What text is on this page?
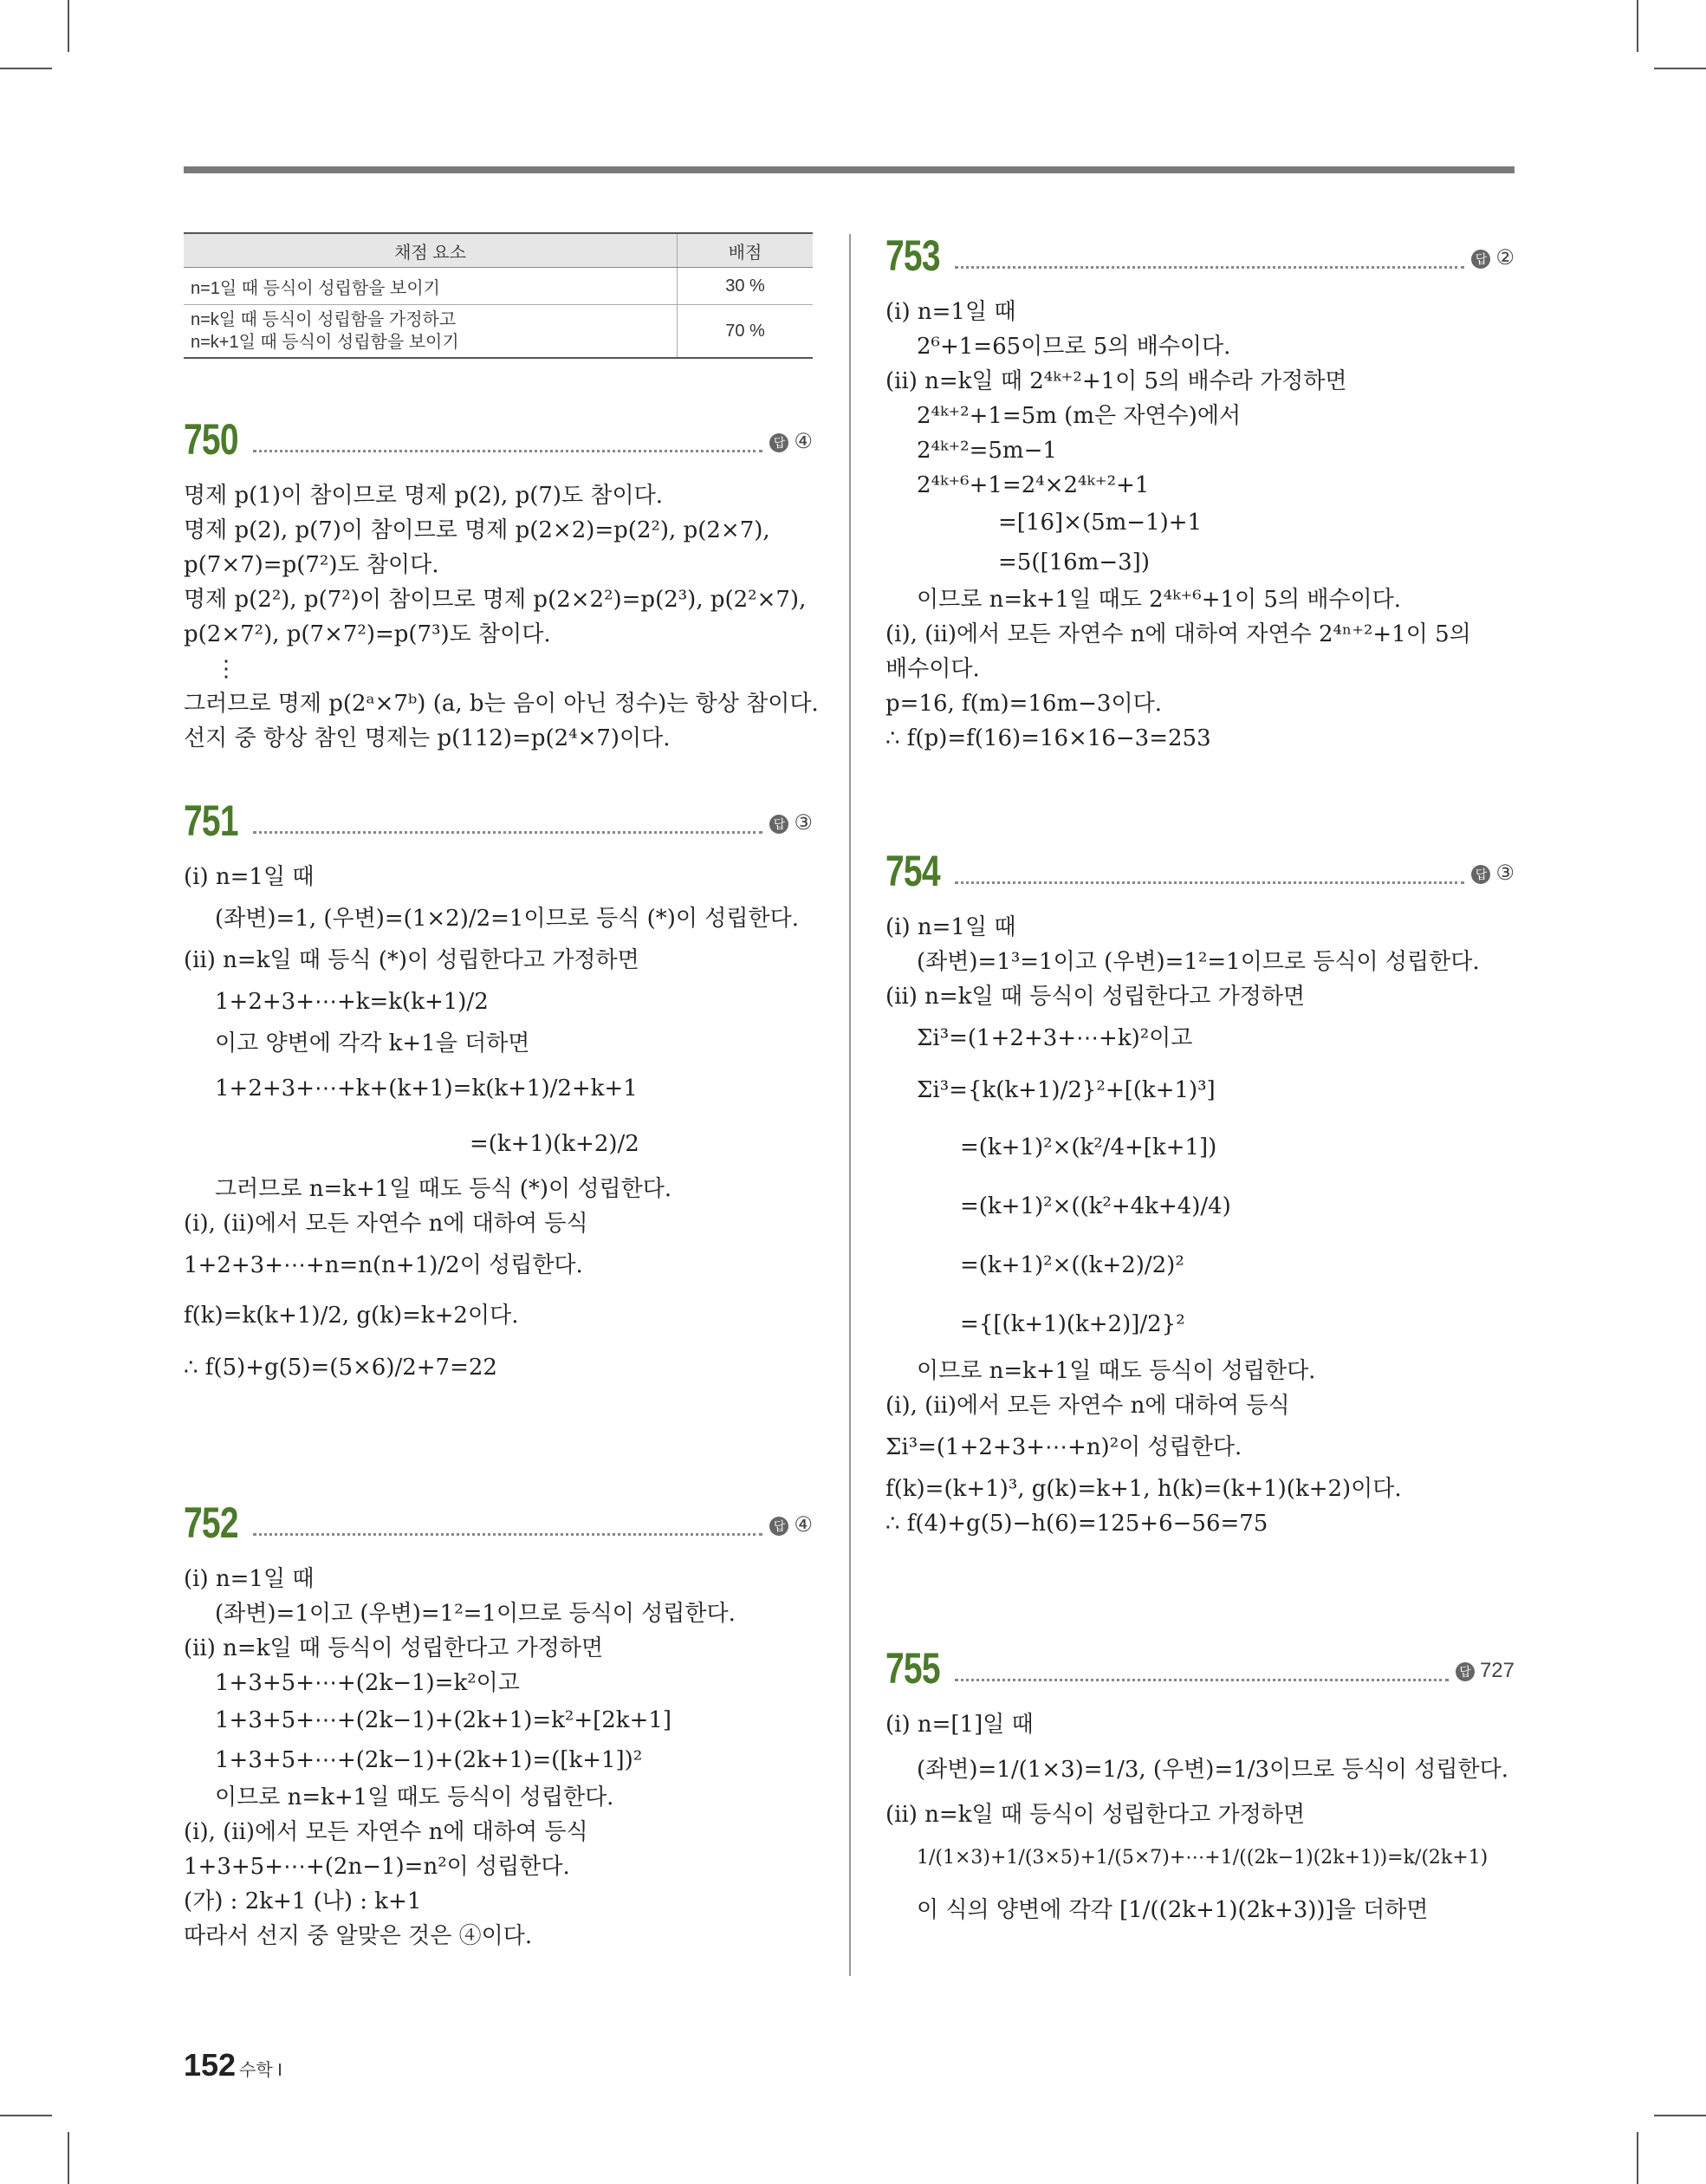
채점 요소	배점
n=1일 때 등식이 성립함을 보이기	30 %

n=k일 때 등식이 성립함을 가정하고
n=k+1일 때 등식이 성립함을 보이기	70 %
750	답 ④
명제 p(1)이 참이므로 명제 p(2), p(7)도 참이다.
명제 p(2), p(7)이 참이므로 명제 p(2×2)=p(2²), p(2×7),
p(7×7)=p(7²)도 참이다.
명제 p(2²), p(7²)이 참이므로 명제 p(2×2²)=p(2³), p(2²×7),
p(2×7²), p(7×7²)=p(7³)도 참이다.
⋮
그러므로 명제 p(2ᵃ×7ᵇ) (a, b는 음이 아닌 정수)는 항상 참이다.
선지 중 항상 참인 명제는 p(112)=p(2⁴×7)이다.
751	답 ③
(ⅰ) n=1일 때
(좌변)=1, (우변)=(1×2)/2=1이므로 등식 (*)이 성립한다.
(ⅱ) n=k일 때 등식 (*)이 성립한다고 가정하면
1+2+3+⋯+k=k(k+1)/2
이고 양변에 각각 k+1을 더하면
1+2+3+⋯+k+(k+1)=k(k+1)/2+k+1
=(k+1)(k+2)/2
그러므로 n=k+1일 때도 등식 (*)이 성립한다.
(ⅰ), (ⅱ)에서 모든 자연수 n에 대하여 등식
1+2+3+⋯+n=n(n+1)/2이 성립한다.
f(k)=k(k+1)/2, g(k)=k+2이다.
∴ f(5)+g(5)=(5×6)/2+7=22
752	답 ④
(ⅰ) n=1일 때
(좌변)=1이고 (우변)=1²=1이므로 등식이 성립한다.
(ⅱ) n=k일 때 등식이 성립한다고 가정하면
1+3+5+⋯+(2k−1)=k²이고
1+3+5+⋯+(2k−1)+(2k+1)=k²+[2k+1]
1+3+5+⋯+(2k−1)+(2k+1)=([k+1])²
이므로 n=k+1일 때도 등식이 성립한다.
(ⅰ), (ⅱ)에서 모든 자연수 n에 대하여 등식
1+3+5+⋯+(2n−1)=n²이 성립한다.
(가) : 2k+1 (나) : k+1
따라서 선지 중 알맞은 것은 ④이다.
753	답 ②
(ⅰ) n=1일 때
2⁶+1=65이므로 5의 배수이다.
(ⅱ) n=k일 때 2⁴ᵏ⁺²+1이 5의 배수라 가정하면
2⁴ᵏ⁺²+1=5m (m은 자연수)에서
2⁴ᵏ⁺²=5m−1
2⁴ᵏ⁺⁶+1=2⁴×2⁴ᵏ⁺²+1
=[16]×(5m−1)+1
=5([16m−3])
이므로 n=k+1일 때도 2⁴ᵏ⁺⁶+1이 5의 배수이다.
(ⅰ), (ⅱ)에서 모든 자연수 n에 대하여 자연수 2⁴ⁿ⁺²+1이 5의
배수이다.
p=16, f(m)=16m−3이다.
∴ f(p)=f(16)=16×16−3=253
754	답 ③
(ⅰ) n=1일 때
(좌변)=1³=1이고 (우변)=1²=1이므로 등식이 성립한다.
(ⅱ) n=k일 때 등식이 성립한다고 가정하면
Σi³=(1+2+3+⋯+k)²이고
Σi³={k(k+1)/2}²+[(k+1)³]
=(k+1)²×(k²/4+[k+1])
=(k+1)²×((k²+4k+4)/4)
=(k+1)²×((k+2)/2)²
={[(k+1)(k+2)]/2}²
이므로 n=k+1일 때도 등식이 성립한다.
(ⅰ), (ⅱ)에서 모든 자연수 n에 대하여 등식
Σi³=(1+2+3+⋯+n)²이 성립한다.
f(k)=(k+1)³, g(k)=k+1, h(k)=(k+1)(k+2)이다.
∴ f(4)+g(5)−h(6)=125+6−56=75
755	답 727
(ⅰ) n=[1]일 때
(좌변)=1/(1×3)=1/3, (우변)=1/3이므로 등식이 성립한다.
(ⅱ) n=k일 때 등식이 성립한다고 가정하면
1/(1×3)+1/(3×5)+1/(5×7)+⋯+1/((2k−1)(2k+1))=k/(2k+1)
이 식의 양변에 각각 [1/((2k+1)(2k+3))]을 더하면
152 수학 I
